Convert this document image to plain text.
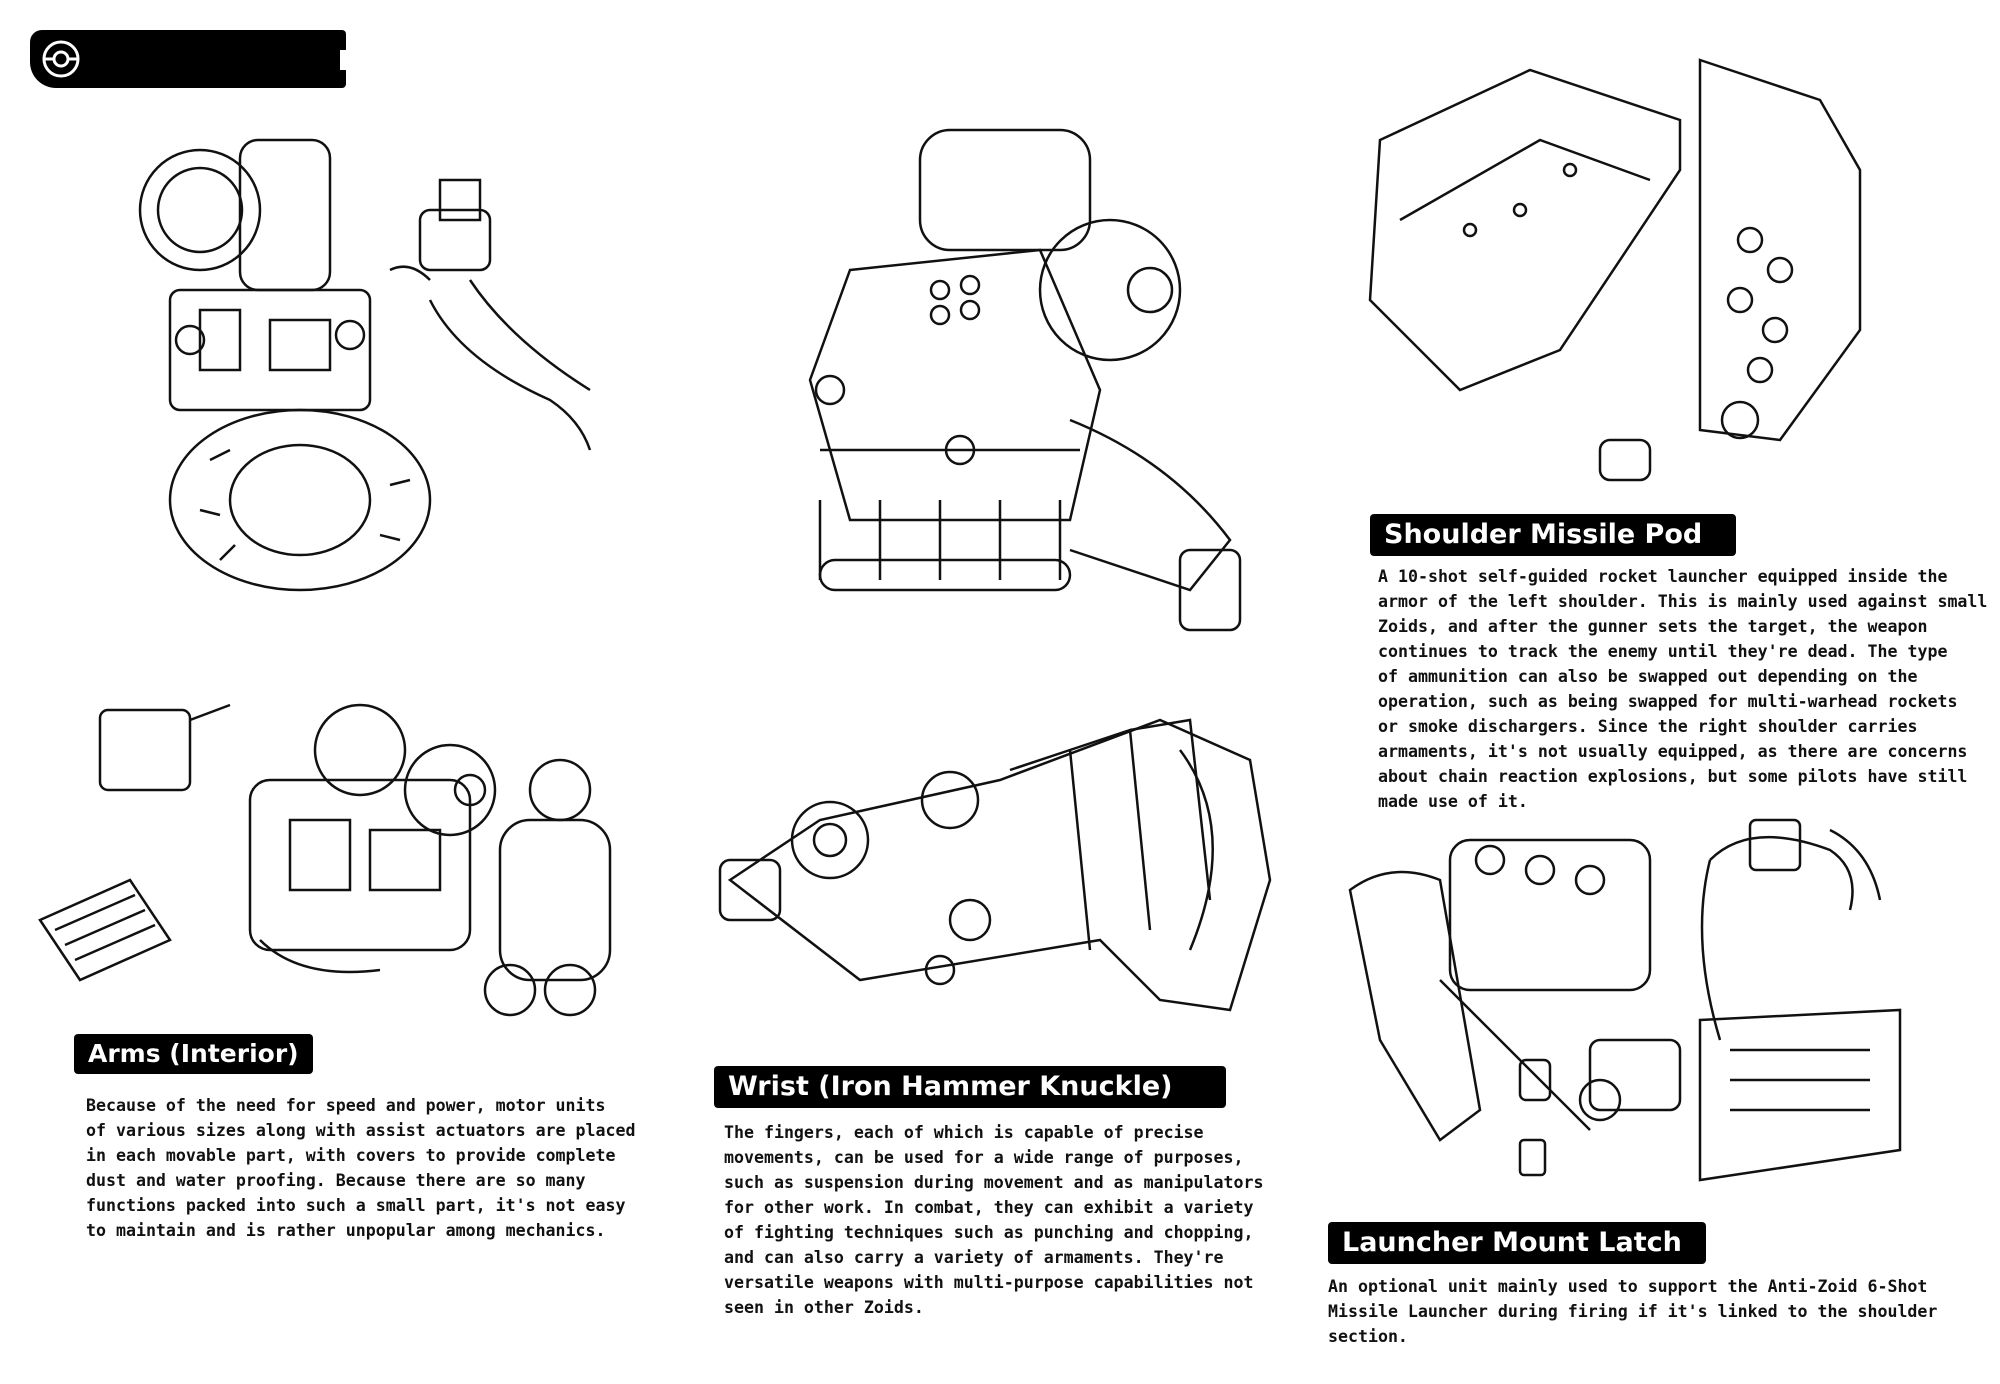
Arms (Interior)
Wrist (Iron Hammer Knuckle)
Shoulder Missile Pod
Launcher Mount Latch
Because of the need for speed and power, motor units
of various sizes along with assist actuators are placed
in each movable part, with covers to provide complete
dust and water proofing. Because there are so many
functions packed into such a small part, it's not easy
to maintain and is rather unpopular among mechanics.
The fingers, each of which is capable of precise
movements, can be used for a wide range of purposes,
such as suspension during movement and as manipulators
for other work. In combat, they can exhibit a variety
of fighting techniques such as punching and chopping,
and can also carry a variety of armaments. They're
versatile weapons with multi-purpose capabilities not
seen in other Zoids.
A 10-shot self-guided rocket launcher equipped inside the
armor of the left shoulder. This is mainly used against small
Zoids, and after the gunner sets the target, the weapon
continues to track the enemy until they're dead. The type
of ammunition can also be swapped out depending on the
operation, such as being swapped for multi-warhead rockets
or smoke dischargers. Since the right shoulder carries
armaments, it's not usually equipped, as there are concerns
about chain reaction explosions, but some pilots have still
made use of it.
An optional unit mainly used to support the Anti-Zoid 6-Shot
Missile Launcher during firing if it's linked to the shoulder
section.
